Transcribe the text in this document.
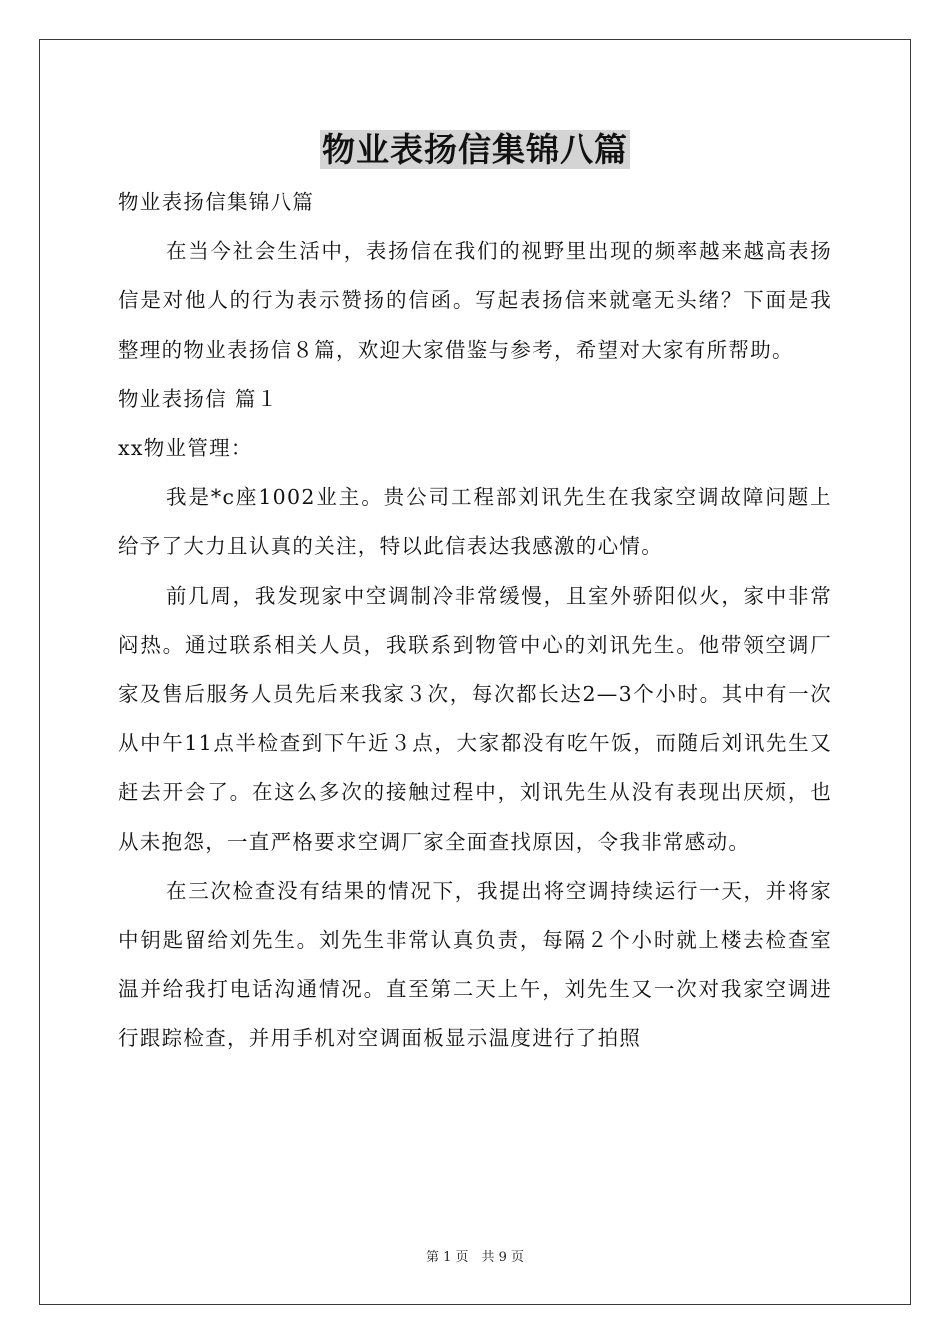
物业表扬信集锦八篇

物业表扬信集锦八篇

在当今社会生活中，表扬信在我们的视野里出现的频率越来越高表扬信是对他人的行为表示赞扬的信函。写起表扬信来就毫无头绪？下面是我整理的物业表扬信８篇，欢迎大家借鉴与参考，希望对大家有所帮助。

物业表扬信 篇１

xx物业管理：

我是*c座1002业主。贵公司工程部刘讯先生在我家空调故障问题上给予了大力且认真的关注，特以此信表达我感激的心情。

前几周，我发现家中空调制冷非常缓慢，且室外骄阳似火，家中非常闷热。通过联系相关人员，我联系到物管中心的刘讯先生。他带领空调厂家及售后服务人员先后来我家３次，每次都长达2—3个小时。其中有一次从中午11点半检查到下午近３点，大家都没有吃午饭，而随后刘讯先生又赶去开会了。在这么多次的接触过程中，刘讯先生从没有表现出厌烦，也从未抱怨，一直严格要求空调厂家全面查找原因，令我非常感动。

在三次检查没有结果的情况下，我提出将空调持续运行一天，并将家中钥匙留给刘先生。刘先生非常认真负责，每隔２个小时就上楼去检查室温并给我打电话沟通情况。直至第二天上午，刘先生又一次对我家空调进行跟踪检查，并用手机对空调面板显示温度进行了拍照

第 1 页　共 9 页
